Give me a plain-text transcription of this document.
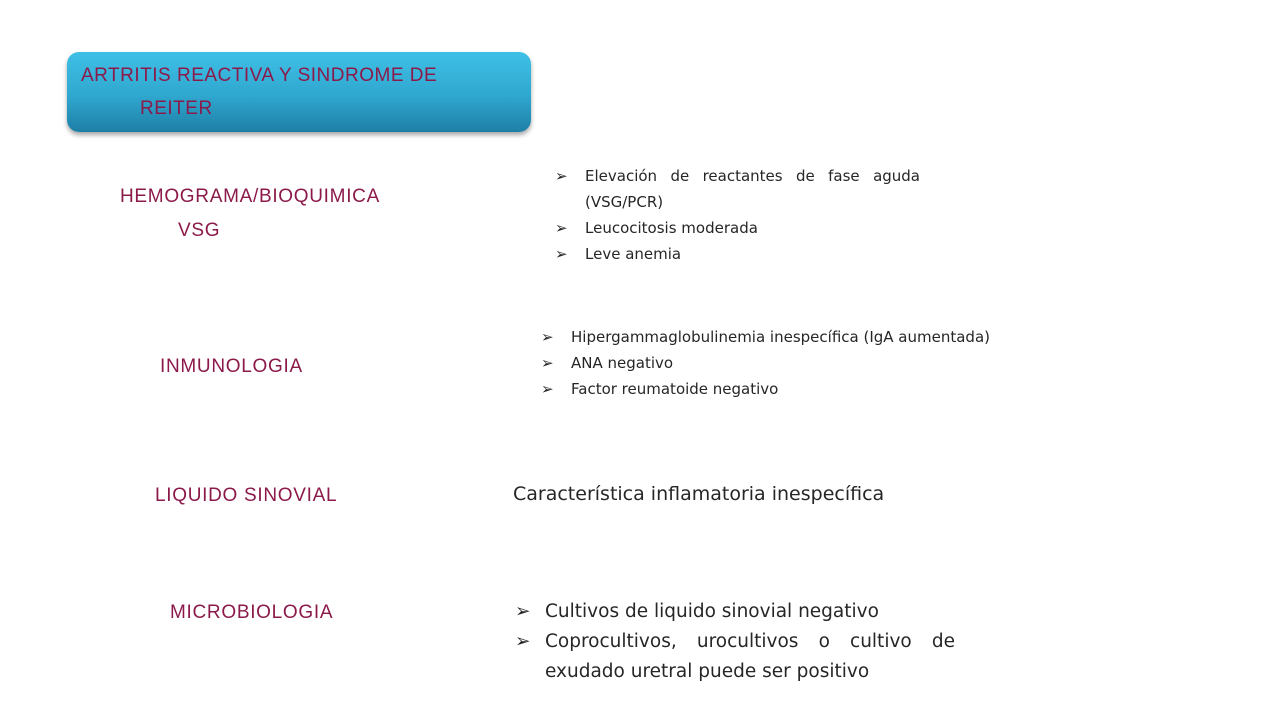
ARTRITIS REACTIVA Y SINDROME DE
REITER
HEMOGRAMA/BIOQUIMICA
VSG
➢ Elevación de reactantes de fase aguda (VSG/PCR)
➢ Leucocitosis moderada
➢ Leve anemia
INMUNOLOGIA
➢ Hipergammaglobulinemia inespecífica (IgA aumentada)
➢ ANA negativo
➢ Factor reumatoide negativo
LIQUIDO SINOVIAL	Característica inflamatoria inespecífica
MICROBIOLOGIA	➢ Cultivos de liquido sinovial negativo
➢ Coprocultivos, urocultivos o cultivo de exudado uretral puede ser positivo
